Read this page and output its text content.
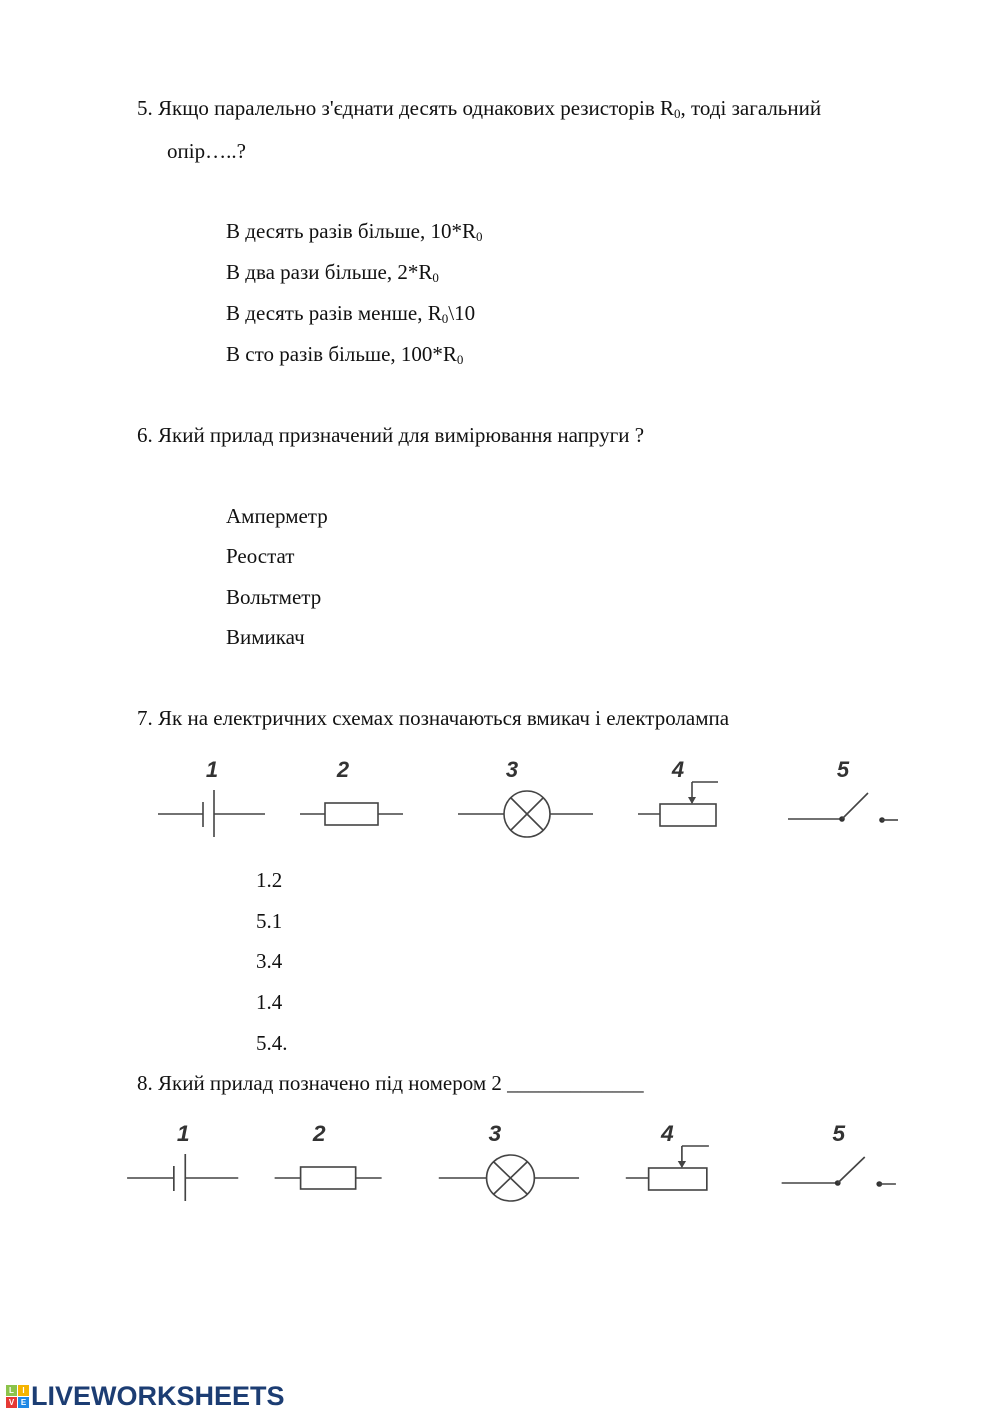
5. Якщо паралельно з'єднати десять однакових резисторів $R_0$, тоді загальний
опір…..?
В десять разів більше, $10*R_0$
В два рази більше, $2*R_0$
В десять разів менше, $R_0\backslash 10$
В сто разів більше, $100*R_0$
6. Який прилад призначений для вимірювання напруги ?
Амперметр
Реостат
Вольтметр
Вимикач
7. Як на електричних схемах позначаються вмикач і електролампа
1	2	3	4	5
1.2
5.1
3.4
1.4
5.4.
8. Який прилад позначено під номером 2 _____________
1	2	3	4	5
L	I
V E LIVEWORKSHEETS
